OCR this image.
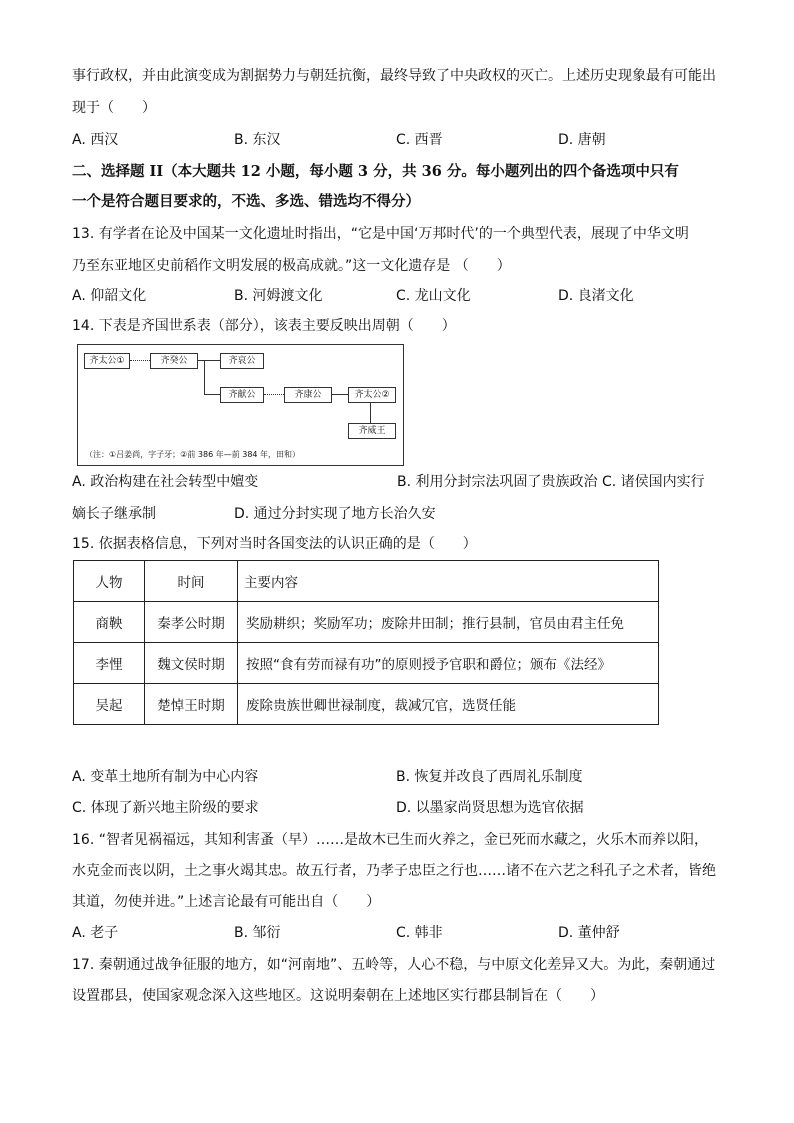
事行政权，并由此演变成为割据势力与朝廷抗衡，最终导致了中央政权的灭亡。上述历史现象最有可能出
现于（　　）
A. 西汉	B. 东汉	C. 西晋	D. 唐朝
二、选择题 II（本大题共 12 小题，每小题 3 分，共 36 分。每小题列出的四个备选项中只有
一个是符合题目要求的，不选、多选、错选均不得分）
13. 有学者在论及中国某一文化遗址时指出，“它是中国‘万邦时代’的一个典型代表，展现了中华文明
乃至东亚地区史前稻作文明发展的极高成就。”这一文化遗存是 （　　）
A. 仰韶文化	B. 河姆渡文化	C. 龙山文化	D. 良渚文化
14. 下表是齐国世系表（部分），该表主要反映出周朝（　　）
齐太公①	齐癸公	齐哀公
齐献公	齐康公	齐太公②
齐威王
（注：①吕姜尚，字子牙；②前 386 年—前 384 年，田和）
A. 政治构建在社会转型中嬗变	B. 利用分封宗法巩固了贵族政治 C. 诸侯国内实行
嫡长子继承制	D. 通过分封实现了地方长治久安
15. 依据表格信息，下列对当时各国变法的认识正确的是（　　）
人物	时间	主要内容
商鞅	秦孝公时期	奖励耕织；奖励军功；废除井田制；推行县制，官员由君主任免
李悝	魏文侯时期	按照“食有劳而禄有功”的原则授予官职和爵位；颁布《法经》
吴起	楚悼王时期	废除贵族世卿世禄制度，裁减冗官，选贤任能
A. 变革土地所有制为中心内容	B. 恢复并改良了西周礼乐制度
C. 体现了新兴地主阶级的要求	D. 以墨家尚贤思想为选官依据
16. “智者见祸福远，其知利害蚤（早）……是故木已生而火养之，金已死而水藏之，火乐木而养以阳，
水克金而丧以阴，土之事火竭其忠。故五行者，乃孝子忠臣之行也……诸不在六艺之科孔子之术者，皆绝
其道，勿使并进。”上述言论最有可能出自（　　）
A. 老子	B. 邹衍	C. 韩非	D. 董仲舒
17. 秦朝通过战争征服的地方，如“河南地”、五岭等，人心不稳，与中原文化差异又大。为此，秦朝通过
设置郡县，使国家观念深入这些地区。这说明秦朝在上述地区实行郡县制旨在（　　）
